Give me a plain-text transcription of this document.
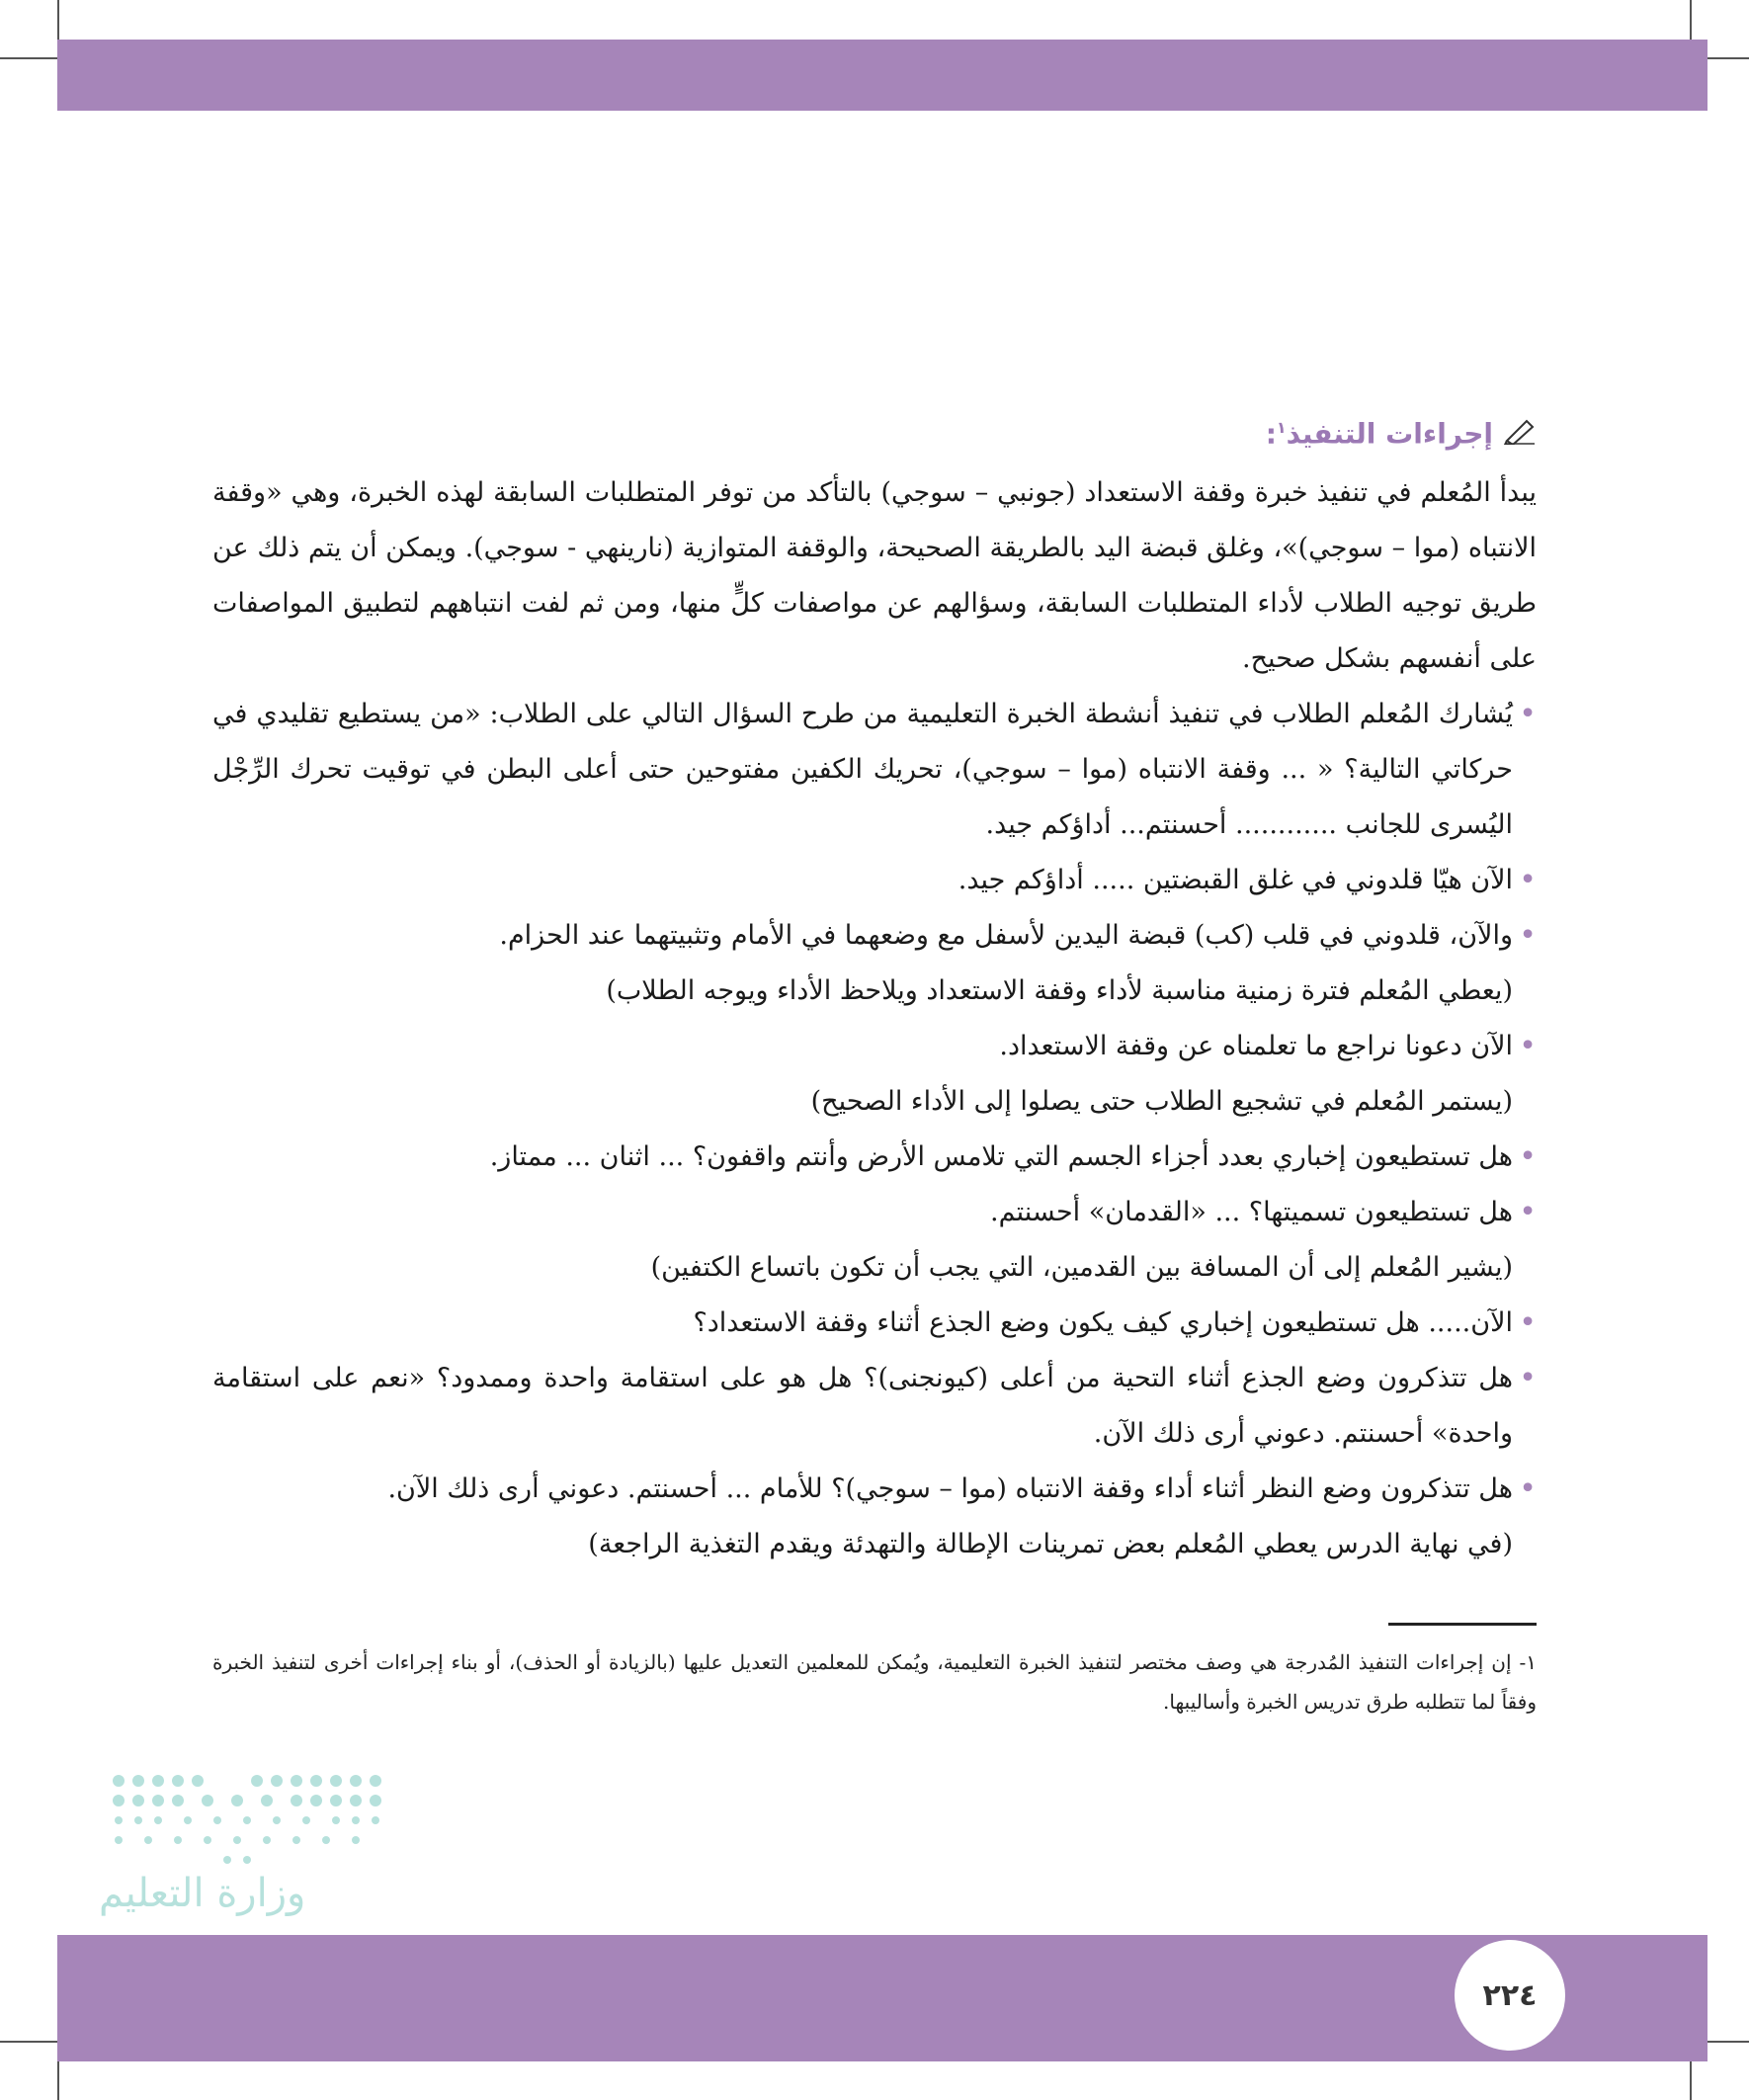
إجراءات التنفيذ$^١$:

يبدأ المُعلم في تنفيذ خبرة وقفة الاستعداد (جونبي – سوجي) بالتأكد من توفر المتطلبات السابقة لهذه الخبرة، وهي «وقفة الانتباه (موا – سوجي)»، وغلق قبضة اليد بالطريقة الصحيحة، والوقفة المتوازية (نارينهي - سوجي). ويمكن أن يتم ذلك عن طريق توجيه الطلاب لأداء المتطلبات السابقة، وسؤالهم عن مواصفات كلٍّ منها، ومن ثم لفت انتباههم لتطبيق المواصفات على أنفسهم بشكل صحيح.

• يُشارك المُعلم الطلاب في تنفيذ أنشطة الخبرة التعليمية من طرح السؤال التالي على الطلاب: «من يستطيع تقليدي في حركاتي التالية؟ « ... وقفة الانتباه (موا – سوجي)، تحريك الكفين مفتوحين حتى أعلى البطن في توقيت تحرك الرِّجْل اليُسرى للجانب ............ أحسنتم... أداؤكم جيد.

• الآن هيّا قلدوني في غلق القبضتين ..... أداؤكم جيد.

• والآن، قلدوني في قلب (كب) قبضة اليدين لأسفل مع وضعهما في الأمام وتثبيتهما عند الحزام.

(يعطي المُعلم فترة زمنية مناسبة لأداء وقفة الاستعداد ويلاحظ الأداء ويوجه الطلاب)

• الآن دعونا نراجع ما تعلمناه عن وقفة الاستعداد.

(يستمر المُعلم في تشجيع الطلاب حتى يصلوا إلى الأداء الصحيح)

• هل تستطيعون إخباري بعدد أجزاء الجسم التي تلامس الأرض وأنتم واقفون؟ ... اثنان ... ممتاز.

• هل تستطيعون تسميتها؟ ... «القدمان» أحسنتم.

(يشير المُعلم إلى أن المسافة بين القدمين، التي يجب أن تكون باتساع الكتفين)

• الآن..... هل تستطيعون إخباري كيف يكون وضع الجذع أثناء وقفة الاستعداد؟

• هل تتذكرون وضع الجذع أثناء التحية من أعلى (كيونجنى)؟ هل هو على استقامة واحدة وممدود؟ «نعم على استقامة واحدة» أحسنتم. دعوني أرى ذلك الآن.

• هل تتذكرون وضع النظر أثناء أداء وقفة الانتباه (موا – سوجي)؟ للأمام ... أحسنتم. دعوني أرى ذلك الآن.

(في نهاية الدرس يعطي المُعلم بعض تمرينات الإطالة والتهدئة ويقدم التغذية الراجعة)

١- إن إجراءات التنفيذ المُدرجة هي وصف مختصر لتنفيذ الخبرة التعليمية، ويُمكن للمعلمين التعديل عليها (بالزيادة أو الحذف)، أو بناء إجراءات أخرى لتنفيذ الخبرة وفقاً لما تتطلبه طرق تدريس الخبرة وأساليبها.

وزارة التعليم
٢٢٤
